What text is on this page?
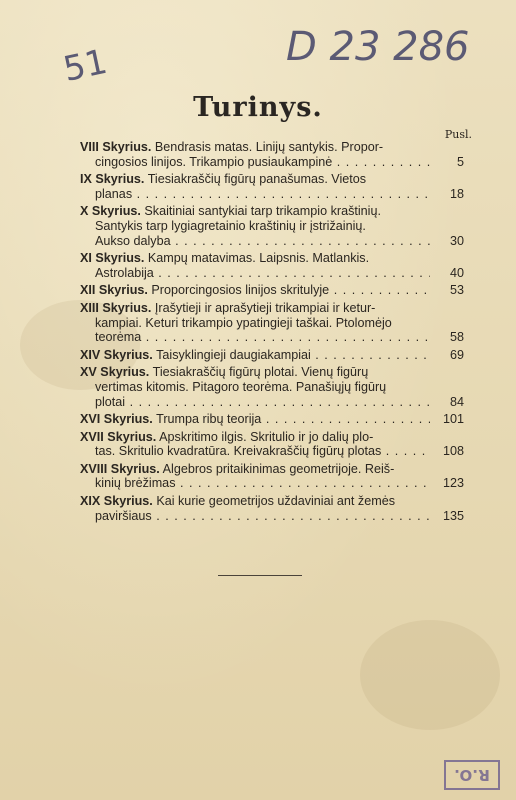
51	D 23 286
Turinys.
Pusl.
VIII Skyrius. Bendrasis matas. Linijų santykis. Propor-
cingosios linijos. Trikampio pusiaukampinė . . .	5
IX Skyrius. Tiesiakraščių figūrų panašumas. Vietos
planas . . .	18
X Skyrius. Skaitiniai santykiai tarp trikampio kraštinių.
Santykis tarp lygiagretainio kraštinių ir įstrižainių.
Aukso dalyba . . .	30
XI Skyrius. Kampų matavimas. Laipsnis. Matlankis.
Astrolabija . . .	40
XII Skyrius. Proporcingosios linijos skritulyje . . .	53
XIII Skyrius. Įrašytieji ir aprašytieji trikampiai ir ketur-
kampiai. Keturi trikampio ypatingieji taškai. Ptolomėjo
teorėma . . .	58
XIV Skyrius. Taisyklingieji daugiakampiai . . .	69
XV Skyrius. Tiesiakraščių figūrų plotai. Vienų figūrų
vertimas kitomis. Pitagoro teorėma. Panašiųjų figūrų
plotai . . .	84
XVI Skyrius. Trumpa ribų teorija . . .	101
XVII Skyrius. Apskritimo ilgis. Skritulio ir jo dalių plo-
tas. Skritulio kvadratūra. Kreivakraščių figūrų plotas . . .	108
XVIII Skyrius. Algebros pritaikinimas geometrijoje. Reiš-
kinių brėžimas . . .	123
XIX Skyrius. Kai kurie geometrijos uždaviniai ant žemės
paviršiaus . . .	135
R.O.
